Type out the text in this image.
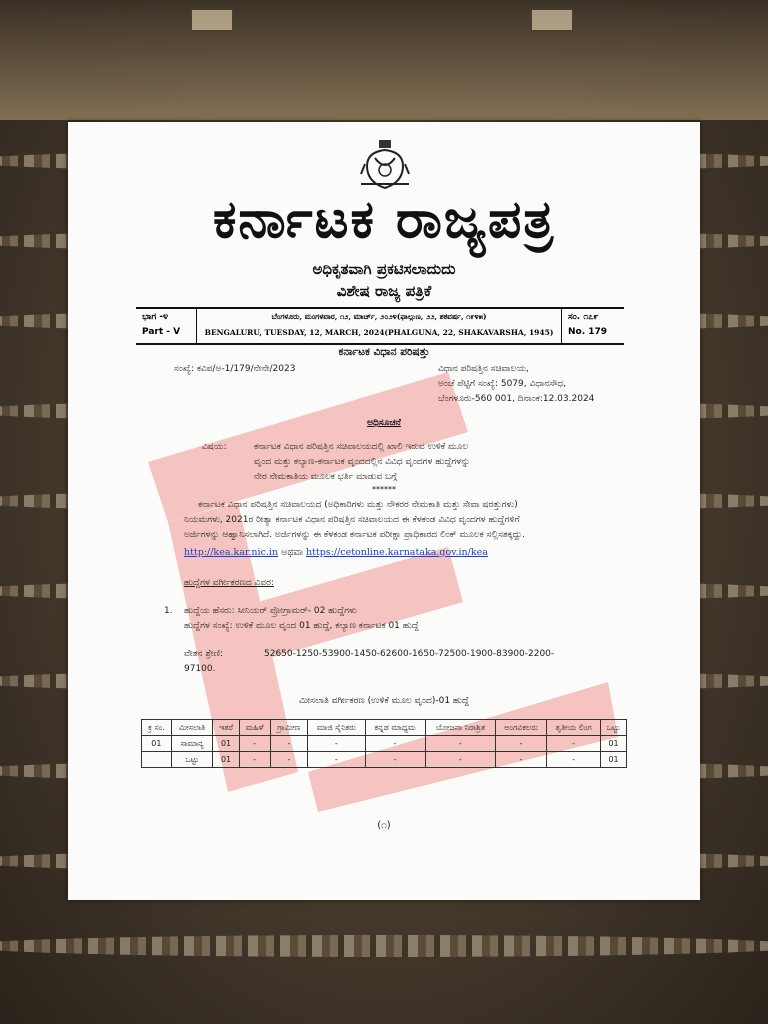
ಕರ್ನಾಟಕ ರಾಜ್ಯಪತ್ರ
ಅಧಿಕೃತವಾಗಿ ಪ್ರಕಟಿಸಲಾದುದು
ವಿಶೇಷ ರಾಜ್ಯ ಪತ್ರಿಕೆ
ಭಾಗ -೪
Part - V
ಬೆಂಗಳೂರು, ಮಂಗಳವಾರ, ೧೨, ಮಾರ್ಚ್, ೨೦೨೪(ಫಾಲ್ಗುಣ, ೨೨, ಶಕವರ್ಷ, ೧೯೪೫)
BENGALURU, TUESDAY, 12, MARCH, 2024(PHALGUNA, 22, SHAKAVARSHA, 1945)
ಸಂ. ೧೭೯
No. 179
ಕರ್ನಾಟಕ ವಿಧಾನ ಪರಿಷತ್ತು
ಸಂಖ್ಯೆ: ಕವಿಪ/ಅ-1/179/ನೇನೇ/2023	ವಿಧಾನ ಪರಿಷತ್ತಿನ ಸಚಿವಾಲಯ,
ಅಂಚೆ ಪೆಟ್ಟಿಗೆ ಸಂಖ್ಯೆ: 5079, ವಿಧಾನಸೌಧ,
ಬೆಂಗಳೂರು-560 001, ದಿನಾಂಕ:12.03.2024
ಅಧಿಸೂಚನೆ
ವಿಷಯ:	ಕರ್ನಾಟಕ ವಿಧಾನ ಪರಿಷತ್ತಿನ ಸಚಿವಾಲಯದಲ್ಲಿ ಖಾಲಿ ಇರುವ ಉಳಿಕೆ ಮೂಲ
ವೃಂದ ಮತ್ತು ಕಲ್ಯಾಣ-ಕರ್ನಾಟಕ ವೃಂದದಲ್ಲಿನ ವಿವಿಧ ವೃಂದಗಳ ಹುದ್ದೆಗಳನ್ನು
ನೇರ ನೇಮಕಾತಿಯ ಮೂಲಕ ಭರ್ತಿ ಮಾಡುವ ಬಗ್ಗೆ
******
ಕರ್ನಾಟಕ ವಿಧಾನ ಪರಿಷತ್ತಿನ ಸಚಿವಾಲಯದ (ಅಧಿಕಾರಿಗಳು ಮತ್ತು ನೌಕರರ ನೇಮಕಾತಿ ಮತ್ತು ಸೇವಾ ಷರತ್ತುಗಳು)
ನಿಯಮಗಳು, 2021ರ ರೀತ್ಯಾ ಕರ್ನಾಟಕ ವಿಧಾನ ಪರಿಷತ್ತಿನ ಸಚಿವಾಲಯದ ಈ ಕೆಳಕಂಡ ವಿವಿಧ ವೃಂದಗಳ ಹುದ್ದೆಗಳಿಗೆ
ಅರ್ಜಿಗಳನ್ನು ಆಹ್ವಾನಿಸಲಾಗಿದೆ. ಅರ್ಜಿಗಳನ್ನು ಈ ಕೆಳಕಂಡ ಕರ್ನಾಟಕ ಪರೀಕ್ಷಾ ಪ್ರಾಧಿಕಾರದ ಲಿಂಕ್ ಮೂಲಕ ಸಲ್ಲಿಸತಕ್ಕದ್ದು.
http://kea.kar.nic.in ಅಥವಾ https://cetonline.karnataka.gov.in/kea
ಹುದ್ದೆಗಳ ವರ್ಗೀಕರಣದ ವಿವರ:
1. ಹುದ್ದೆಯ ಹೆಸರು: ಸೀನಿಯರ್ ಪ್ರೋಗ್ರಾಮರ್- 02 ಹುದ್ದೆಗಳು
ಹುದ್ದೆಗಳ ಸಂಖ್ಯೆ: ಉಳಿಕೆ ಮೂಲ ವೃಂದ 01 ಹುದ್ದೆ, ಕಲ್ಯಾಣ ಕರ್ನಾಟಕ 01 ಹುದ್ದೆ
ವೇತನ ಶ್ರೇಣಿ:	52650-1250-53900-1450-62600-1650-72500-1900-83900-2200-
97100.
ಮೀಸಲಾತಿ ವರ್ಗೀಕರಣ (ಉಳಿಕೆ ಮೂಲ ವೃಂದ)-01 ಹುದ್ದೆ
ಕ್ರ ಸಂ.	ಮೀಸಲಾತಿ	ಇತರೆ	ಮಹಿಳೆ	ಗ್ರಾಮೀಣ	ಮಾಜಿ ಸೈನಿಕರು	ಕನ್ನಡ ಮಾಧ್ಯಮ	ಯೋಜನಾ ನಿರಾಶ್ರಿತ	ಅಂಗವಿಕಲರು	ತೃತೀಯ ಲಿಂಗ	ಒಟ್ಟು
01	ಸಾಮಾನ್ಯ	01	-	-	-	-	-	-	-	01
	ಒಟ್ಟು	01	-	-	-	-	-	-	-	01
(೧)
Processed using the free version of Watermarkly. The paid version does not add this mark.
